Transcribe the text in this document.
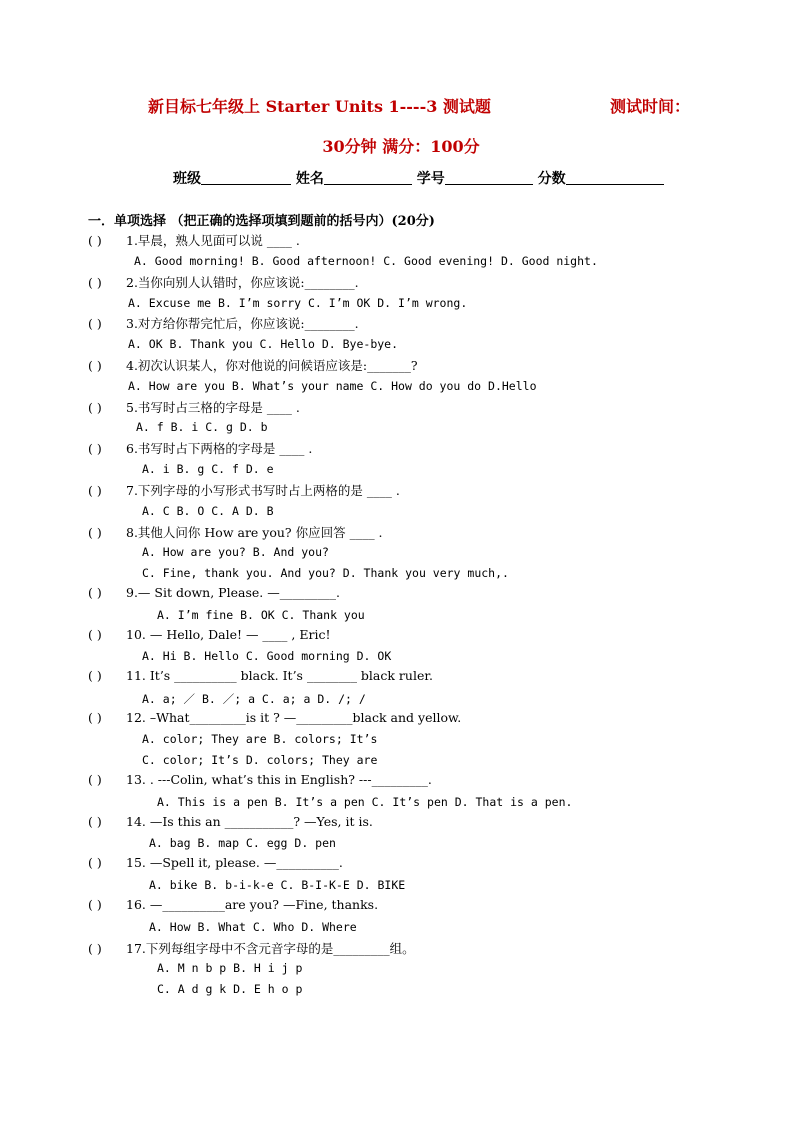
新目标七年级上 Starter Units 1----3 测试题	测试时间：
30分钟 满分：100分
班级	姓名	学号	分数
一．单项选择 （把正确的选择项填到题前的括号内）(20分)
( ) 1.早晨，熟人见面可以说 ____ .
A. Good morning! B. Good afternoon! C. Good evening! D. Good night.
( ) 2.当你向别人认错时，你应该说:________.
A. Excuse me B. I’m sorry C. I’m OK D. I’m wrong.
( ) 3.对方给你帮完忙后，你应该说:________.
A. OK B. Thank you C. Hello D. Bye-bye.
( ) 4.初次认识某人，你对他说的问候语应该是:_______?
A. How are you B. What’s your name C. How do you do D.Hello
( ) 5.书写时占三格的字母是 ____ .
A. f B. i C. g D. b
( ) 6.书写时占下两格的字母是 ____ .
A. i B. g C. f D. e
( ) 7.下列字母的小写形式书写时占上两格的是 ____ .
A. C B. O C. A D. B
( ) 8.其他人问你 How are you? 你应回答 ____ .
A. How are you? B. And you?
C. Fine, thank you. And you? D. Thank you very much,.
( ) 9.— Sit down, Please. —_________.
A. I’m fine B. OK C. Thank you
( ) 10. — Hello, Dale! — ____ , Eric!
A. Hi B. Hello C. Good morning D. OK
( ) 11. It’s __________ black. It’s ________ black ruler.
A. a; ／ B. ／; a C. a; a D. /; /
( ) 12. –What_________is it ? —_________black and yellow.
A. color; They are B. colors; It’s
C. color; It’s D. colors; They are
( ) 13. . ---Colin, what’s this in English? ---_________.
A. This is a pen B. It’s a pen C. It’s pen D. That is a pen.
( ) 14. —Is this an ___________? —Yes, it is.
A. bag B. map C. egg D. pen
( ) 15. —Spell it, please. —__________.
A. bike B. b-i-k-e C. B-I-K-E D. BIKE
( ) 16. —__________are you? —Fine, thanks.
A. How B. What C. Who D. Where
( ) 17.下列每组字母中不含元音字母的是_________组。
A. M n b p B. H i j p
C. A d g k D. E h o p
